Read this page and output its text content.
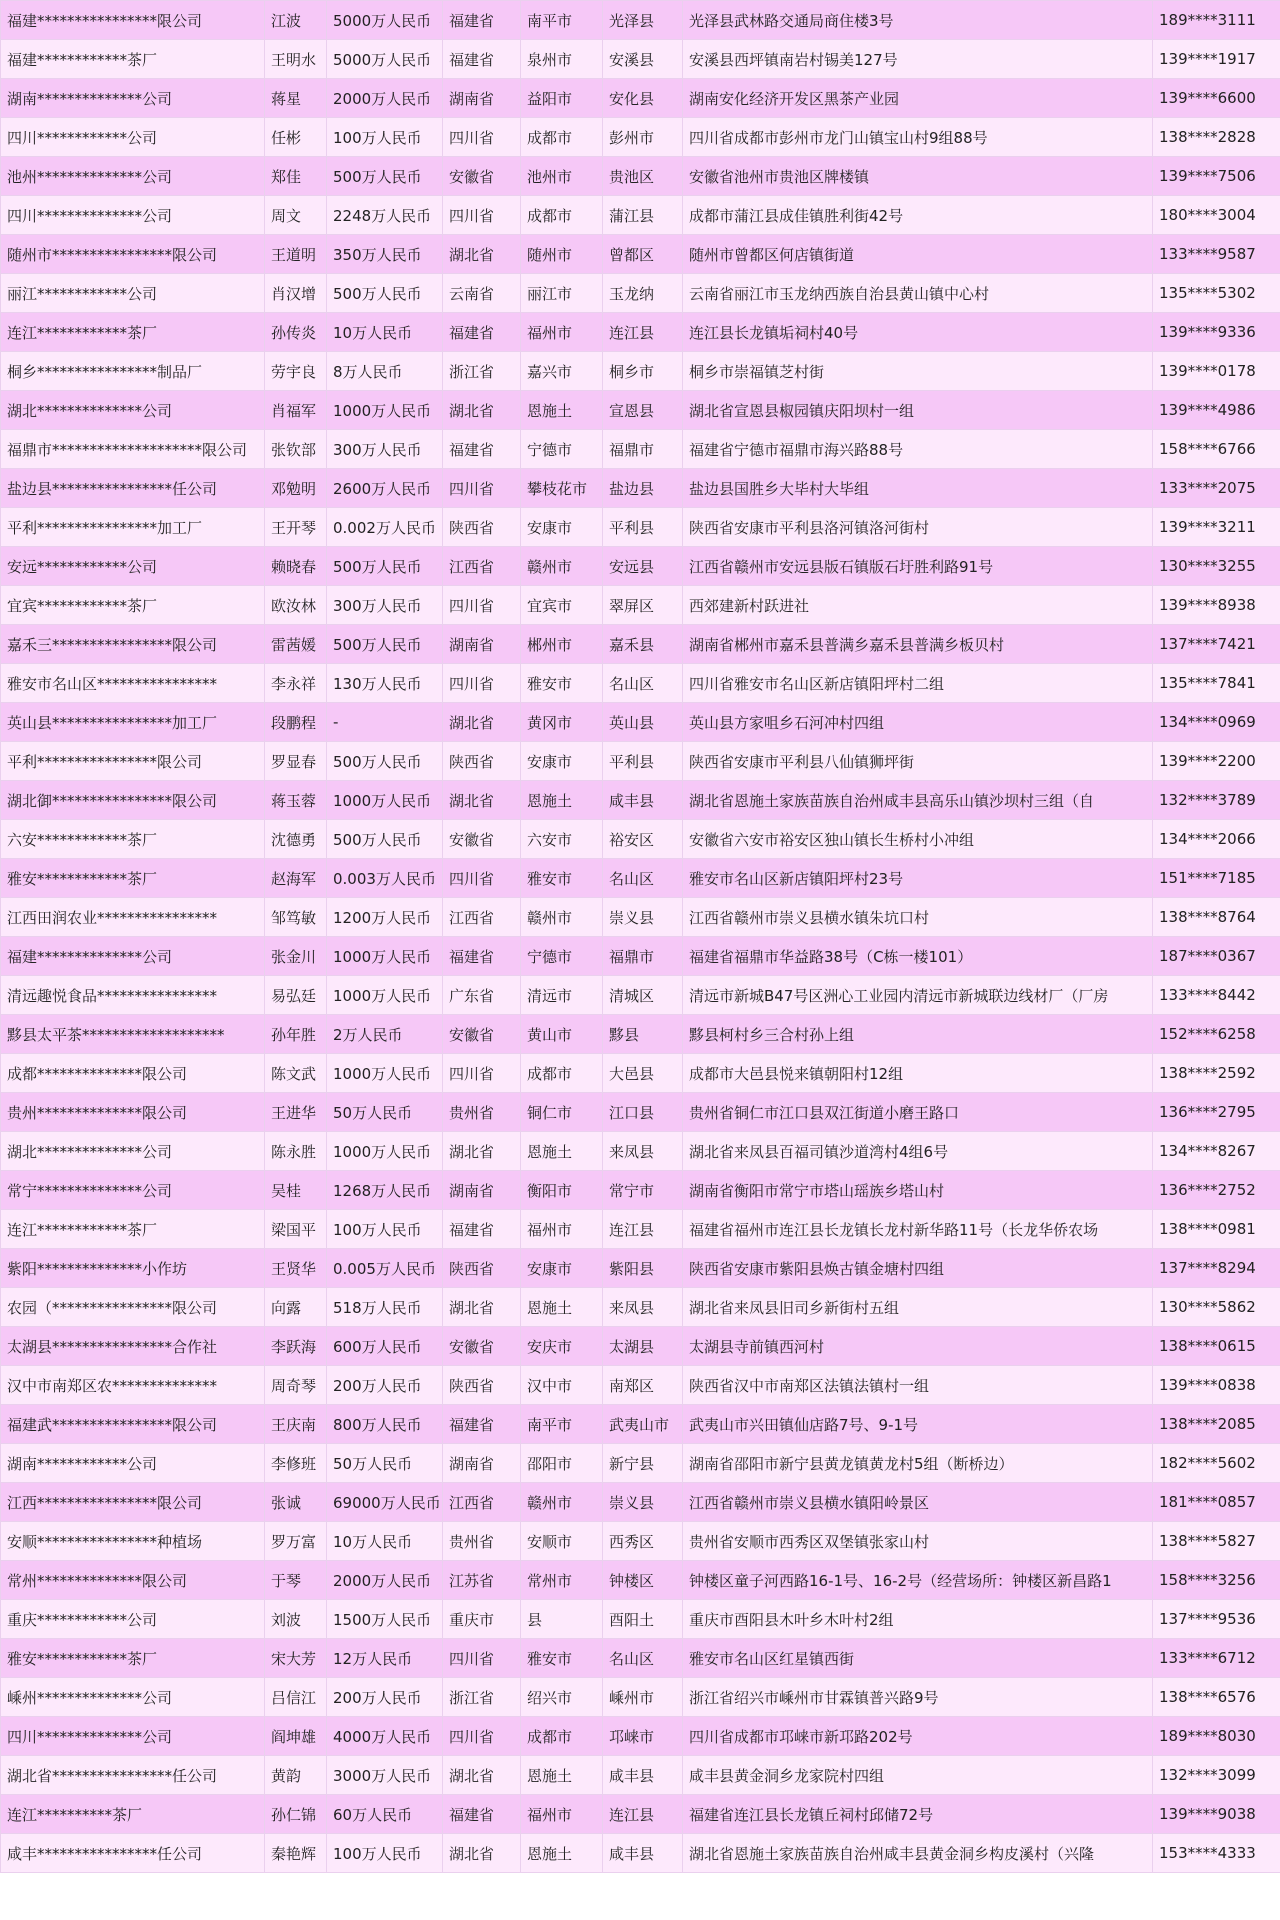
福建****************限公司	江波	5000万人民币	福建省	南平市	光泽县	光泽县武林路交通局商住楼3号	189****3111
福建************茶厂	王明水	5000万人民币	福建省	泉州市	安溪县	安溪县西坪镇南岩村锡美127号	139****1917
湖南**************公司	蒋星	2000万人民币	湖南省	益阳市	安化县	湖南安化经济开发区黑茶产业园	139****6600
四川************公司	任彬	100万人民币	四川省	成都市	彭州市	四川省成都市彭州市龙门山镇宝山村9组88号	138****2828
池州**************公司	郑佳	500万人民币	安徽省	池州市	贵池区	安徽省池州市贵池区牌楼镇	139****7506
四川**************公司	周文	2248万人民币	四川省	成都市	蒲江县	成都市蒲江县成佳镇胜利街42号	180****3004
随州市****************限公司	王道明	350万人民币	湖北省	随州市	曾都区	随州市曾都区何店镇街道	133****9587
丽江************公司	肖汉增	500万人民币	云南省	丽江市	玉龙纳	云南省丽江市玉龙纳西族自治县黄山镇中心村	135****5302
连江************茶厂	孙传炎	10万人民币	福建省	福州市	连江县	连江县长龙镇垢祠村40号	139****9336
桐乡****************制品厂	劳宇良	8万人民币	浙江省	嘉兴市	桐乡市	桐乡市崇福镇芝村街	139****0178
湖北**************公司	肖福军	1000万人民币	湖北省	恩施土	宣恩县	湖北省宣恩县椒园镇庆阳坝村一组	139****4986
福鼎市********************限公司	张钦部	300万人民币	福建省	宁德市	福鼎市	福建省宁德市福鼎市海兴路88号	158****6766
盐边县****************任公司	邓勉明	2600万人民币	四川省	攀枝花市	盐边县	盐边县国胜乡大毕村大毕组	133****2075
平利****************加工厂	王开琴	0.002万人民币	陕西省	安康市	平利县	陕西省安康市平利县洛河镇洛河街村	139****3211
安远************公司	赖晓春	500万人民币	江西省	赣州市	安远县	江西省赣州市安远县版石镇版石圩胜利路91号	130****3255
宜宾************茶厂	欧汝林	300万人民币	四川省	宜宾市	翠屏区	西郊建新村跃进社	139****8938
嘉禾三****************限公司	雷茜媛	500万人民币	湖南省	郴州市	嘉禾县	湖南省郴州市嘉禾县普满乡嘉禾县普满乡板贝村	137****7421
雅安市名山区****************	李永祥	130万人民币	四川省	雅安市	名山区	四川省雅安市名山区新店镇阳坪村二组	135****7841
英山县****************加工厂	段鹏程	-	湖北省	黄冈市	英山县	英山县方家咀乡石河冲村四组	134****0969
平利****************限公司	罗显春	500万人民币	陕西省	安康市	平利县	陕西省安康市平利县八仙镇狮坪街	139****2200
湖北御****************限公司	蒋玉蓉	1000万人民币	湖北省	恩施土	咸丰县	湖北省恩施土家族苗族自治州咸丰县高乐山镇沙坝村三组（自	132****3789
六安************茶厂	沈德勇	500万人民币	安徽省	六安市	裕安区	安徽省六安市裕安区独山镇长生桥村小冲组	134****2066
雅安************茶厂	赵海军	0.003万人民币	四川省	雅安市	名山区	雅安市名山区新店镇阳坪村23号	151****7185
江西田润农业****************	邹笃敏	1200万人民币	江西省	赣州市	崇义县	江西省赣州市崇义县横水镇朱坑口村	138****8764
福建**************公司	张金川	1000万人民币	福建省	宁德市	福鼎市	福建省福鼎市华益路38号（C栋一楼101）	187****0367
清远趣悦食品****************	易弘廷	1000万人民币	广东省	清远市	清城区	清远市新城B47号区洲心工业园内清远市新城联边线材厂（厂房	133****8442
黟县太平茶*******************	孙年胜	2万人民币	安徽省	黄山市	黟县	黟县柯村乡三合村孙上组	152****6258
成都**************限公司	陈文武	1000万人民币	四川省	成都市	大邑县	成都市大邑县悦来镇朝阳村12组	138****2592
贵州**************限公司	王进华	50万人民币	贵州省	铜仁市	江口县	贵州省铜仁市江口县双江街道小磨王路口	136****2795
湖北**************公司	陈永胜	1000万人民币	湖北省	恩施土	来凤县	湖北省来凤县百福司镇沙道湾村4组6号	134****8267
常宁**************公司	吴桂	1268万人民币	湖南省	衡阳市	常宁市	湖南省衡阳市常宁市塔山瑶族乡塔山村	136****2752
连江************茶厂	梁国平	100万人民币	福建省	福州市	连江县	福建省福州市连江县长龙镇长龙村新华路11号（长龙华侨农场	138****0981
紫阳**************小作坊	王贤华	0.005万人民币	陕西省	安康市	紫阳县	陕西省安康市紫阳县焕古镇金塘村四组	137****8294
农园（****************限公司	向露	518万人民币	湖北省	恩施土	来凤县	湖北省来凤县旧司乡新街村五组	130****5862
太湖县****************合作社	李跃海	600万人民币	安徽省	安庆市	太湖县	太湖县寺前镇西河村	138****0615
汉中市南郑区农**************	周奇琴	200万人民币	陕西省	汉中市	南郑区	陕西省汉中市南郑区法镇法镇村一组	139****0838
福建武****************限公司	王庆南	800万人民币	福建省	南平市	武夷山市	武夷山市兴田镇仙店路7号、9-1号	138****2085
湖南************公司	李修班	50万人民币	湖南省	邵阳市	新宁县	湖南省邵阳市新宁县黄龙镇黄龙村5组（断桥边）	182****5602
江西****************限公司	张诚	69000万人民币	江西省	赣州市	崇义县	江西省赣州市崇义县横水镇阳岭景区	181****0857
安顺****************种植场	罗万富	10万人民币	贵州省	安顺市	西秀区	贵州省安顺市西秀区双堡镇张家山村	138****5827
常州**************限公司	于琴	2000万人民币	江苏省	常州市	钟楼区	钟楼区童子河西路16-1号、16-2号（经营场所：钟楼区新昌路1	158****3256
重庆************公司	刘波	1500万人民币	重庆市	县	酉阳土	重庆市酉阳县木叶乡木叶村2组	137****9536
雅安************茶厂	宋大芳	12万人民币	四川省	雅安市	名山区	雅安市名山区红星镇西街	133****6712
嵊州**************公司	吕信江	200万人民币	浙江省	绍兴市	嵊州市	浙江省绍兴市嵊州市甘霖镇普兴路9号	138****6576
四川**************公司	阎坤雄	4000万人民币	四川省	成都市	邛崃市	四川省成都市邛崃市新邛路202号	189****8030
湖北省****************任公司	黄韵	3000万人民币	湖北省	恩施土	咸丰县	咸丰县黄金洞乡龙家院村四组	132****3099
连江**********茶厂	孙仁锦	60万人民币	福建省	福州市	连江县	福建省连江县长龙镇丘祠村邱储72号	139****9038
咸丰****************任公司	秦艳辉	100万人民币	湖北省	恩施土	咸丰县	湖北省恩施土家族苗族自治州咸丰县黄金洞乡构皮溪村（兴隆	153****4333
